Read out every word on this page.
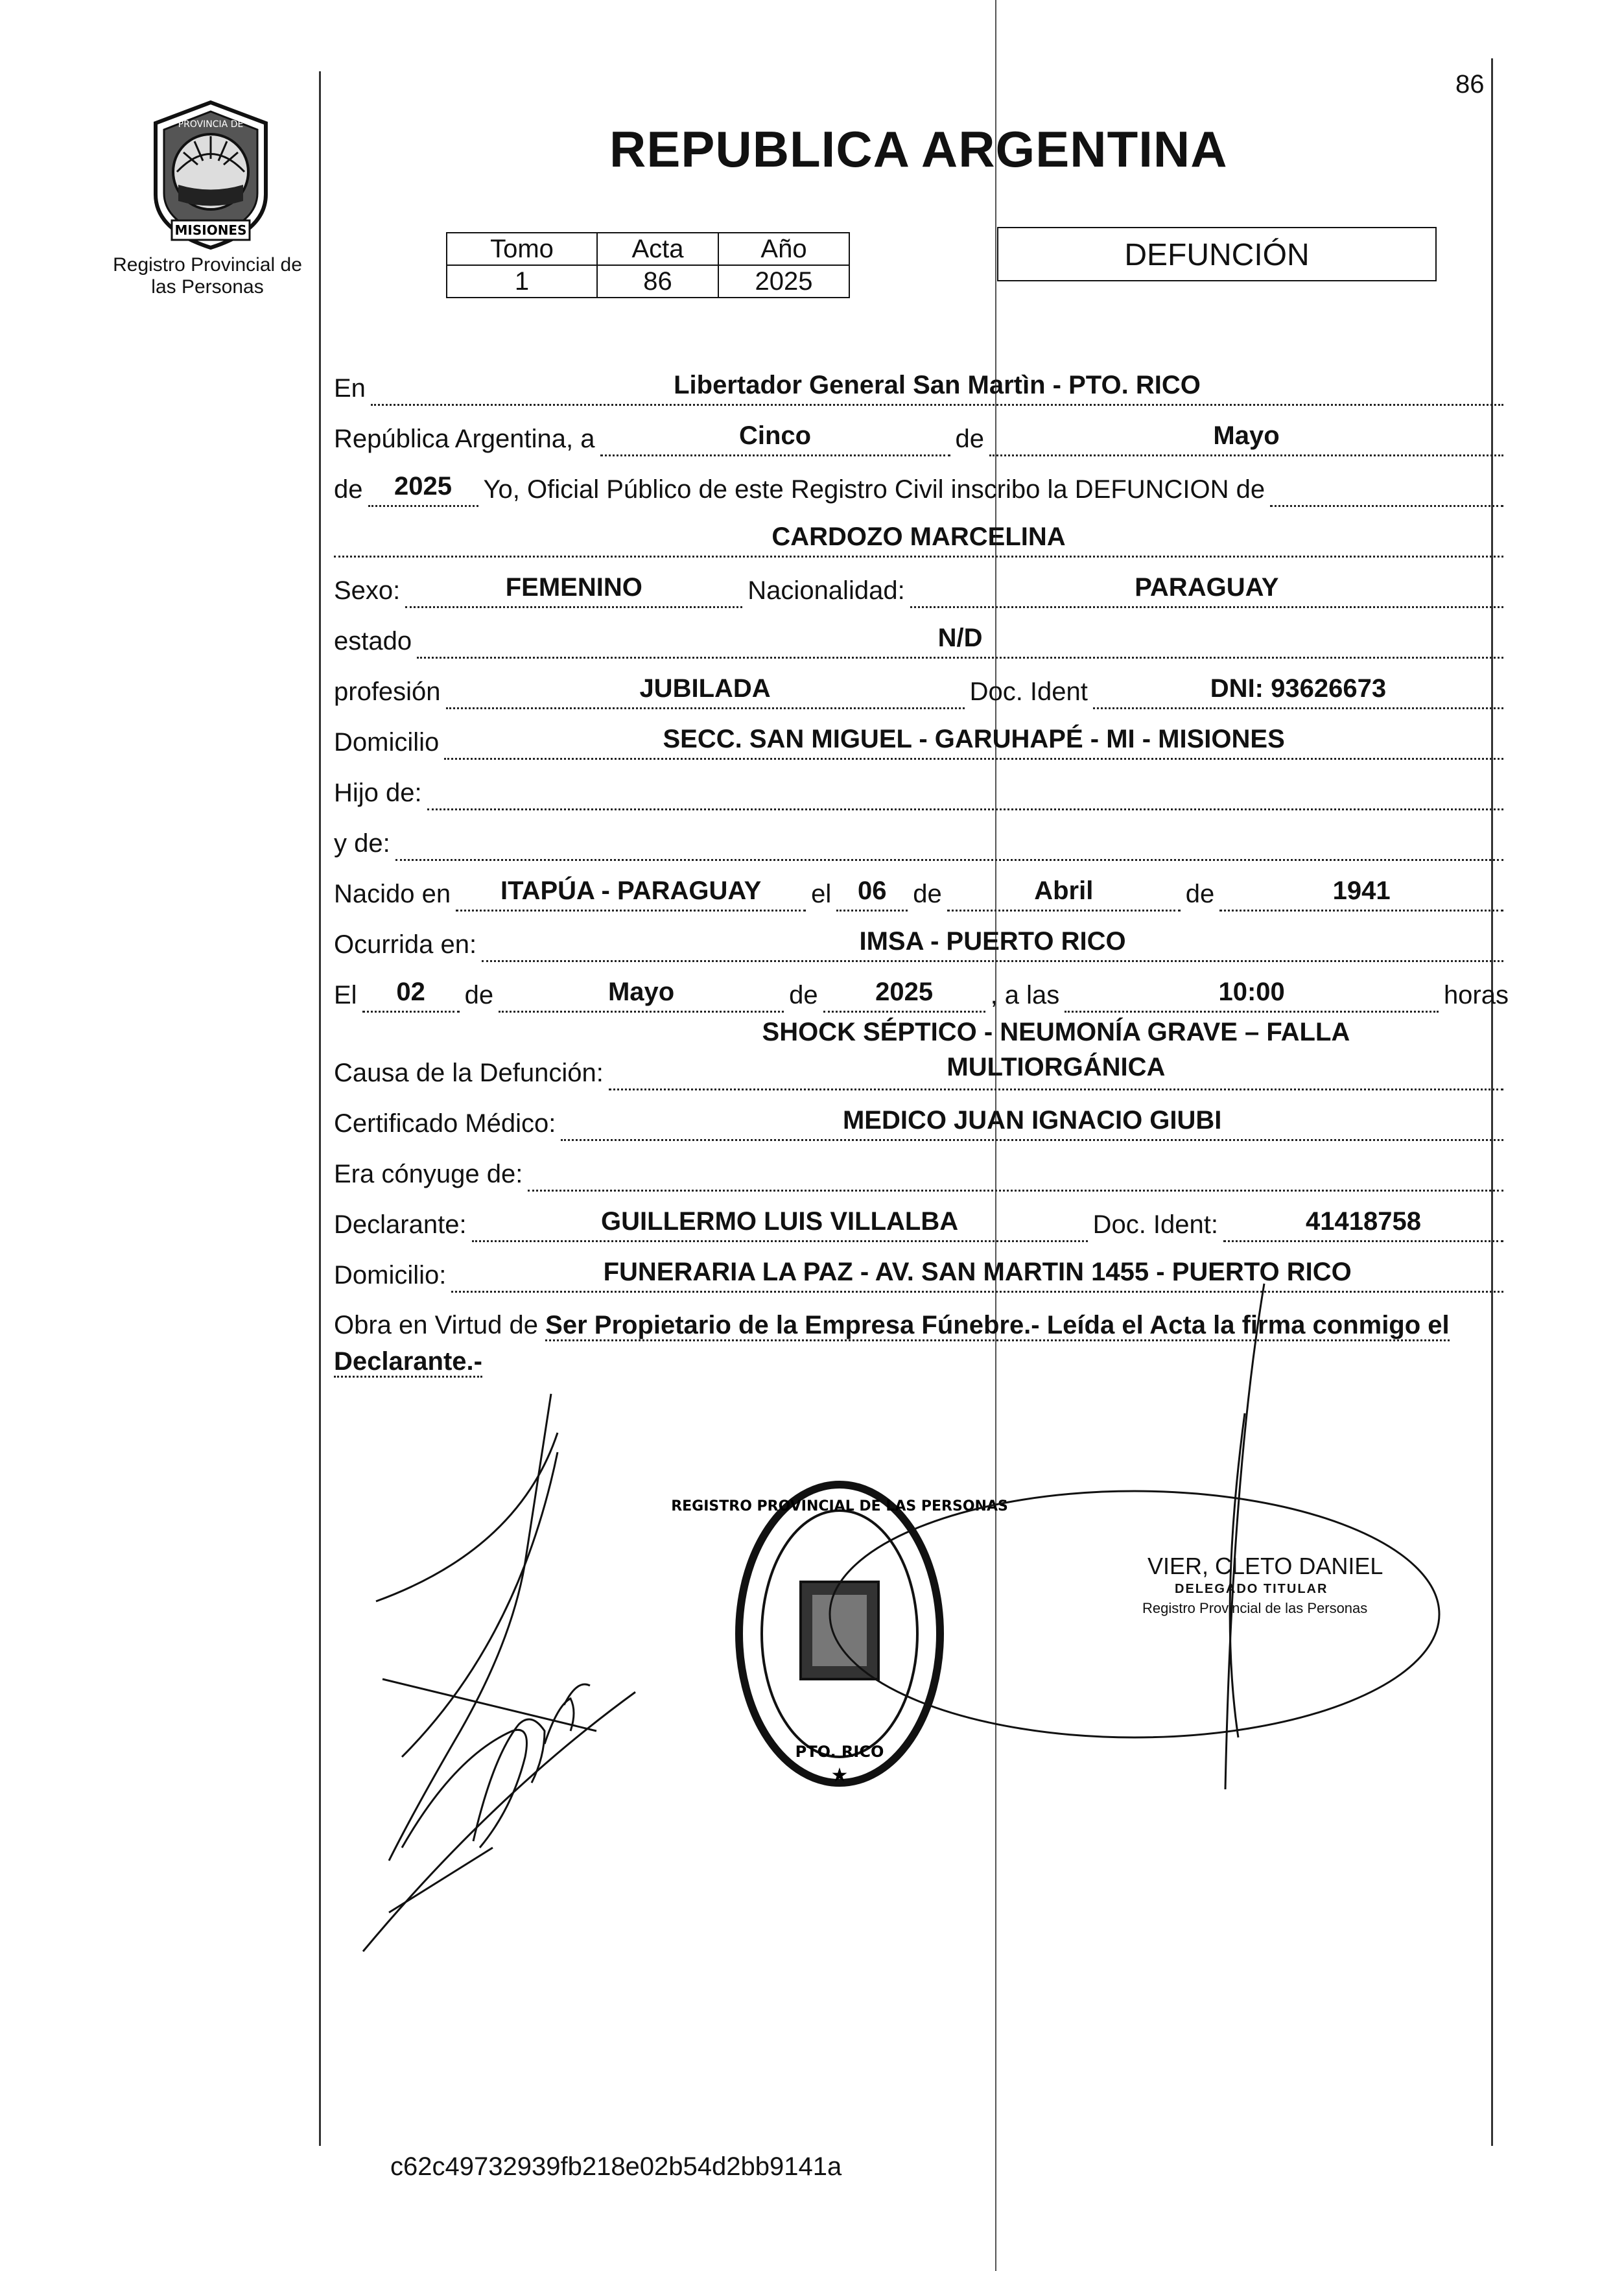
86
MISIONES
PROVINCIA DE
Registro Provincial de
las Personas
REPUBLICA ARGENTINA
Tomo	Acta	Año
1	86	2025
DEFUNCIÓN
En	Libertador General San Martìn - PTO. RICO
República Argentina, a	Cinco	de	Mayo
de	2025	Yo, Oficial Público de este Registro Civil inscribo la DEFUNCION de
CARDOZO MARCELINA
Sexo:	FEMENINO	Nacionalidad:	PARAGUAY
estado	N/D
profesión	JUBILADA	Doc. Ident	DNI: 93626673
Domicilio	SECC. SAN MIGUEL - GARUHAPÉ - MI - MISIONES
Hijo de:
y de:
Nacido en	ITAPÚA - PARAGUAY	el	06	de	Abril	de	1941
Ocurrida en:	IMSA - PUERTO RICO
El	02	de	Mayo	de	2025	, a las	10:00	horas
Causa de la Defunción:
SHOCK SÉPTICO - NEUMONÍA GRAVE – FALLA
MULTIORGÁNICA
Certificado Médico:	MEDICO JUAN IGNACIO GIUBI
Era cónyuge de:
Declarante:	GUILLERMO LUIS VILLALBA	Doc. Ident:	41418758
Domicilio:	FUNERARIA LA PAZ - AV. SAN MARTIN 1455 - PUERTO RICO
Obra en Virtud de Ser Propietario de la Empresa Fúnebre.- Leída el Acta la firma conmigo el Declarante.-
REGISTRO PROVINCIAL DE LAS PERSONAS
PTO. RICO
★
VIER, CLETO DANIEL
DELEGADO TITULAR
Registro Provincial de las Personas
c62c49732939fb218e02b54d2bb9141a
